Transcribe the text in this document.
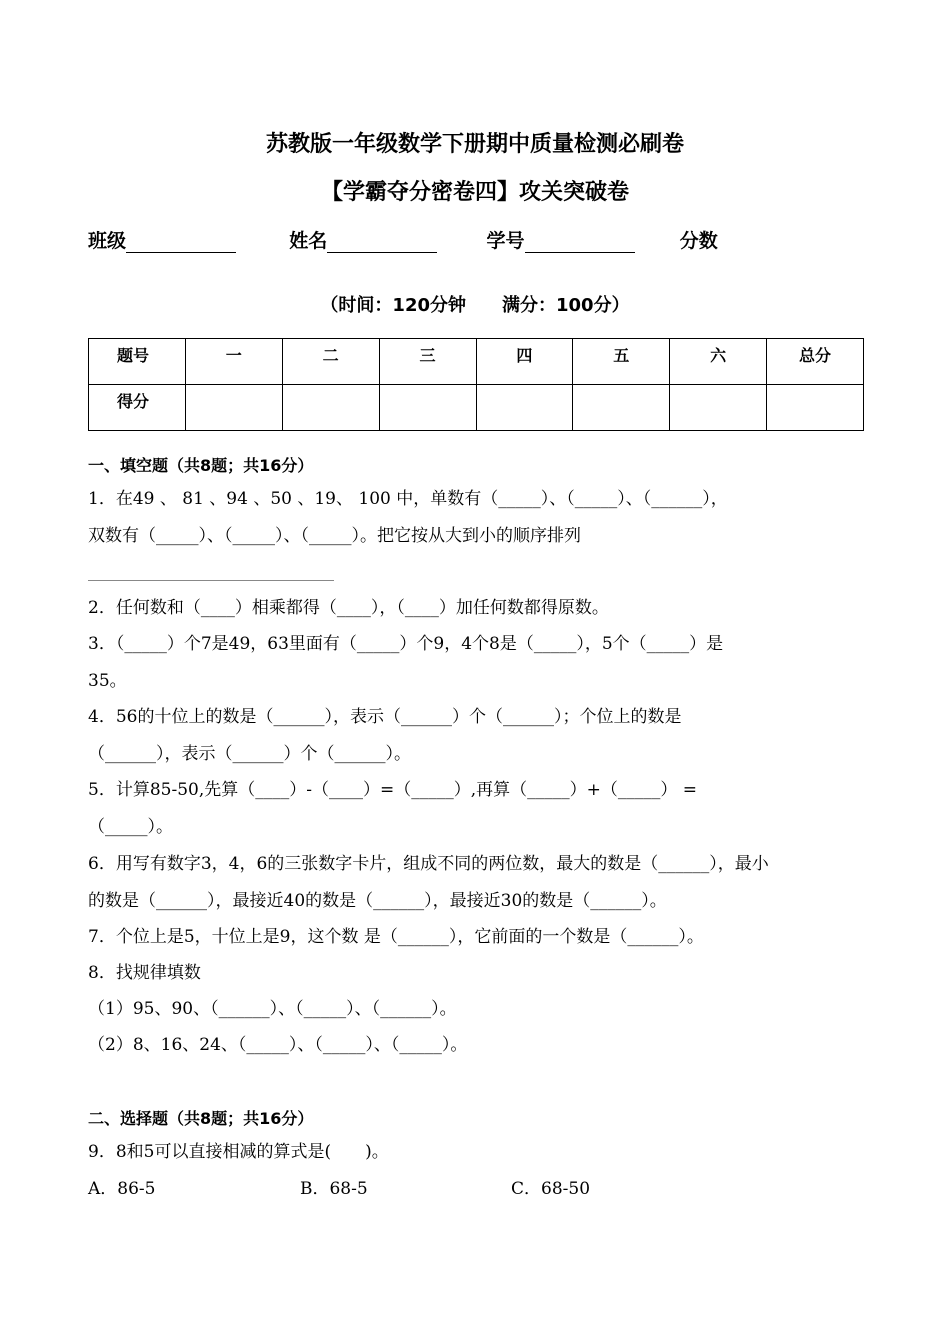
苏教版一年级数学下册期中质量检测必刷卷
【学霸夺分密卷四】攻关突破卷
班级	姓名	学号	分数
（时间：120分钟　　满分：100分）
题号	一	二	三	四	五	六	总分
得分							
一、填空题（共8题；共16分）
1．在49 、 81 、94 、50 、19、 100 中，单数有（_____）、（_____）、（______），
双数有（_____）、（_____）、（_____）。把它按从大到小的顺序排列
2．任何数和（____）相乘都得（____），（____）加任何数都得原数。
3．（_____）个7是49，63里面有（_____）个9，4个8是（_____），5个（_____）是
35。
4．56的十位上的数是（______），表示（______）个（______）；个位上的数是
（______），表示（______）个（______）。
5．计算85-50,先算（____）-（____）=（_____）,再算（_____）+（_____） =
（_____）。
6．用写有数字3，4，6的三张数字卡片，组成不同的两位数，最大的数是（______），最小
的数是（______），最接近40的数是（______），最接近30的数是（______）。
7．个位上是5，十位上是9，这个数 是（______），它前面的一个数是（______）。
8．找规律填数
（1）95、90、（______）、（_____）、（______）。
（2）8、16、24、（_____）、（_____）、（_____）。
二、选择题（共8题；共16分）
9．8和5可以直接相减的算式是(　　)。
A．86-5	B．68-5	C．68-50
